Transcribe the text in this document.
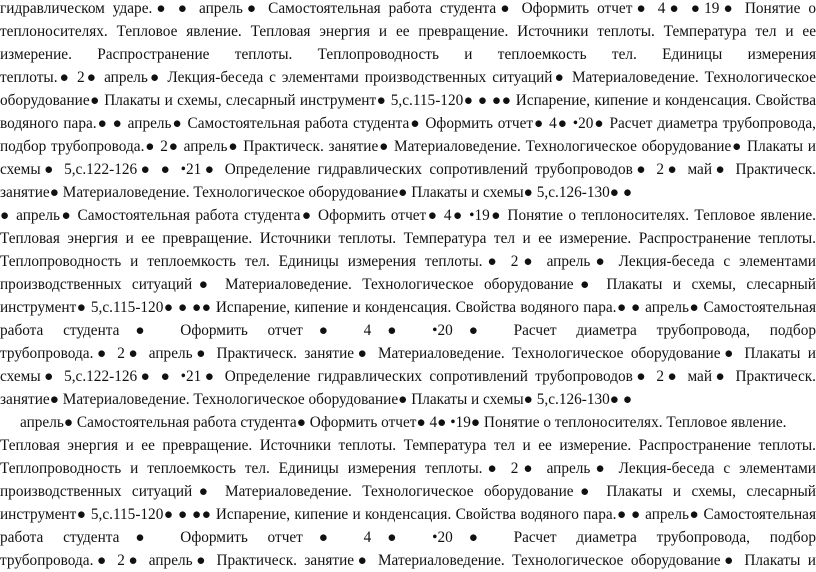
гидравлическом ударе.● ● апрель● Самостоятельная работа студента● Оформить отчет● 4● ●19● Понятие о
теплоносителях. Тепловое явление. Тепловая энергия и ее превращение. Источники теплоты. Температура тел и ее
измерение. Распространение теплоты. Теплопроводность и теплоемкость тел. Единицы измерения
теплоты.● 2● апрель● Лекция-беседа с элементами производственных ситуаций● Материаловедение. Технологическое
оборудование● Плакаты и схемы, слесарный инструмент● 5,с.115-120● ● ●● Испарение, кипение и конденсация. Свойства
водяного пара.● ● апрель● Самостоятельная работа студента● Оформить отчет● 4● •20● Расчет диаметра трубопровода,
подбор трубопровода.● 2● апрель● Практическ. занятие● Материаловедение. Технологическое оборудование● Плакаты и
схемы● 5,с.122-126● ● •21● Определение гидравлических сопротивлений трубопроводов● 2● май● Практическ.
занятие● Материаловедение. Технологическое оборудование● Плакаты и схемы● 5,с.126-130● ●
● апрель● Самостоятельная работа студента● Оформить отчет● 4● •19● Понятие о теплоносителях. Тепловое явление.
Тепловая энергия и ее превращение. Источники теплоты. Температура тел и ее измерение. Распространение теплоты.
Теплопроводность и теплоемкость тел. Единицы измерения теплоты.● 2● апрель● Лекция-беседа с элементами
производственных ситуаций● Материаловедение. Технологическое оборудование● Плакаты и схемы, слесарный
инструмент● 5,с.115-120● ● ●● Испарение, кипение и конденсация. Свойства водяного пара.● ● апрель● Самостоятельная
работа студента● Оформить отчет● 4● •20● Расчет диаметра трубопровода, подбор
трубопровода.● 2● апрель● Практическ. занятие● Материаловедение. Технологическое оборудование● Плакаты и
схемы● 5,с.122-126● ● •21● Определение гидравлических сопротивлений трубопроводов● 2● май● Практическ.
занятие● Материаловедение. Технологическое оборудование● Плакаты и схемы● 5,с.126-130● ●
апрель● Самостоятельная работа студента● Оформить отчет● 4● •19● Понятие о теплоносителях. Тепловое явление.
Тепловая энергия и ее превращение. Источники теплоты. Температура тел и ее измерение. Распространение теплоты.
Теплопроводность и теплоемкость тел. Единицы измерения теплоты.● 2● апрель● Лекция-беседа с элементами
производственных ситуаций● Материаловедение. Технологическое оборудование● Плакаты и схемы, слесарный
инструмент● 5,с.115-120● ● ●● Испарение, кипение и конденсация. Свойства водяного пара.● ● апрель● Самостоятельная
работа студента● Оформить отчет● 4● •20● Расчет диаметра трубопровода, подбор
трубопровода.● 2● апрель● Практическ. занятие● Материаловедение. Технологическое оборудование● Плакаты и
